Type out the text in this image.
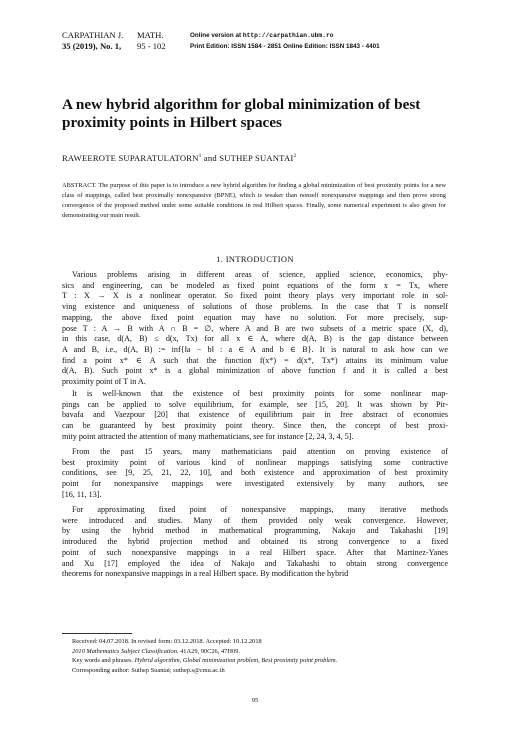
CARPATHIAN J.
35 (2019), No. 1,
MATH.
95 - 102
Online version at http://carpathian.ubm.ro
Print Edition: ISSN 1584 - 2851 Online Edition: ISSN 1843 - 4401
A new hybrid algorithm for global minimization of best proximity points in Hilbert spaces
RAWEEROTE SUPARATULATORN$^1$ and SUTHEP SUANTAI$^2$
ABSTRACT. The purpose of this paper is to introduce a new hybrid algorithm for finding a global minimization of best proximity points for a new class of mappings, called best proximally nonexpansive (BPNE), which is weaker than nonself nonexpansive mappings and then prove strong convergence of the proposed method under some suitable conditions in real Hilbert spaces. Finally, some numerical experiment is also given for demonstrating our main result.
1. INTRODUCTION
Various problems arising in different areas of science, applied science, economics, phy-
sics and engineering, can be modeled as fixed point equations of the form x = Tx, where
T : X → X is a nonlinear operator. So fixed point theory plays very important role in sol-
ving existence and uniqueness of solutions of those problems. In the case that T is nonself
mapping, the above fixed point equation may have no solution. For more precisely, sup-
pose T : A → B with A ∩ B = ∅, where A and B are two subsets of a metric space (X, d),
in this case, d(A, B) ≤ d(x, Tx) for all x ∈ A, where d(A, B) is the gap distance between
A and B, i.e., d(A, B) := inf{‖a − b‖ : a ∈ A and b ∈ B}. It is natural to ask how can we
find a point x* ∈ A such that the function f(x*) = d(x*, Tx*) attains its minimum value
d(A, B). Such point x* is a global minimization of above function f and it is called a best
proximity point of T in A.
It is well-known that the existence of best proximity points for some nonlinear map-
pings can be applied to solve equilibrium, for example, see [15, 20]. It was shown by Pir-
bavafa and Vaezpour [20] that existence of equilibrium pair in free abstract of economies
can be guaranteed by best proximity point theory. Since then, the concept of best proxi-
mity point attracted the attention of many mathematicians, see for instance [2, 24, 3, 4, 5].
From the past 15 years, many mathematicians paid attention on proving existence of
best proximity point of various kind of nonlinear mappings satisfying some contractive
conditions, see [9, 25, 21, 22, 10], and both existence and approximation of best proximity
point for nonexpansive mappings were investigated extensively by many authors, see
[16, 11, 13].
For approximating fixed point of nonexpansive mappings, many iterative methods
were introduced and studies. Many of them provided only weak convergence. However,
by using the hybrid method in mathematical programming, Nakajo and Takahashi [19]
introduced the hybrid projection method and obtained its strong convergence to a fixed
point of such nonexpansive mappings in a real Hilbert space. After that Martinez-Yanes
and Xu [17] employed the idea of Nakajo and Takahashi to obtain strong convergence
theorems for nonexpansive mappings in a real Hilbert space. By modification the hybrid
Received: 04.07.2018. In revised form: 03.12.2018. Accepted: 10.12.2018
2010 Mathematics Subject Classification. 41A29, 90C26, 47H09.
Key words and phrases. Hybrid algorithm, Global minimization problem, Best proximity point problem.
Corresponding author: Suthep Suantai; suthep.s@cmu.ac.th
95
